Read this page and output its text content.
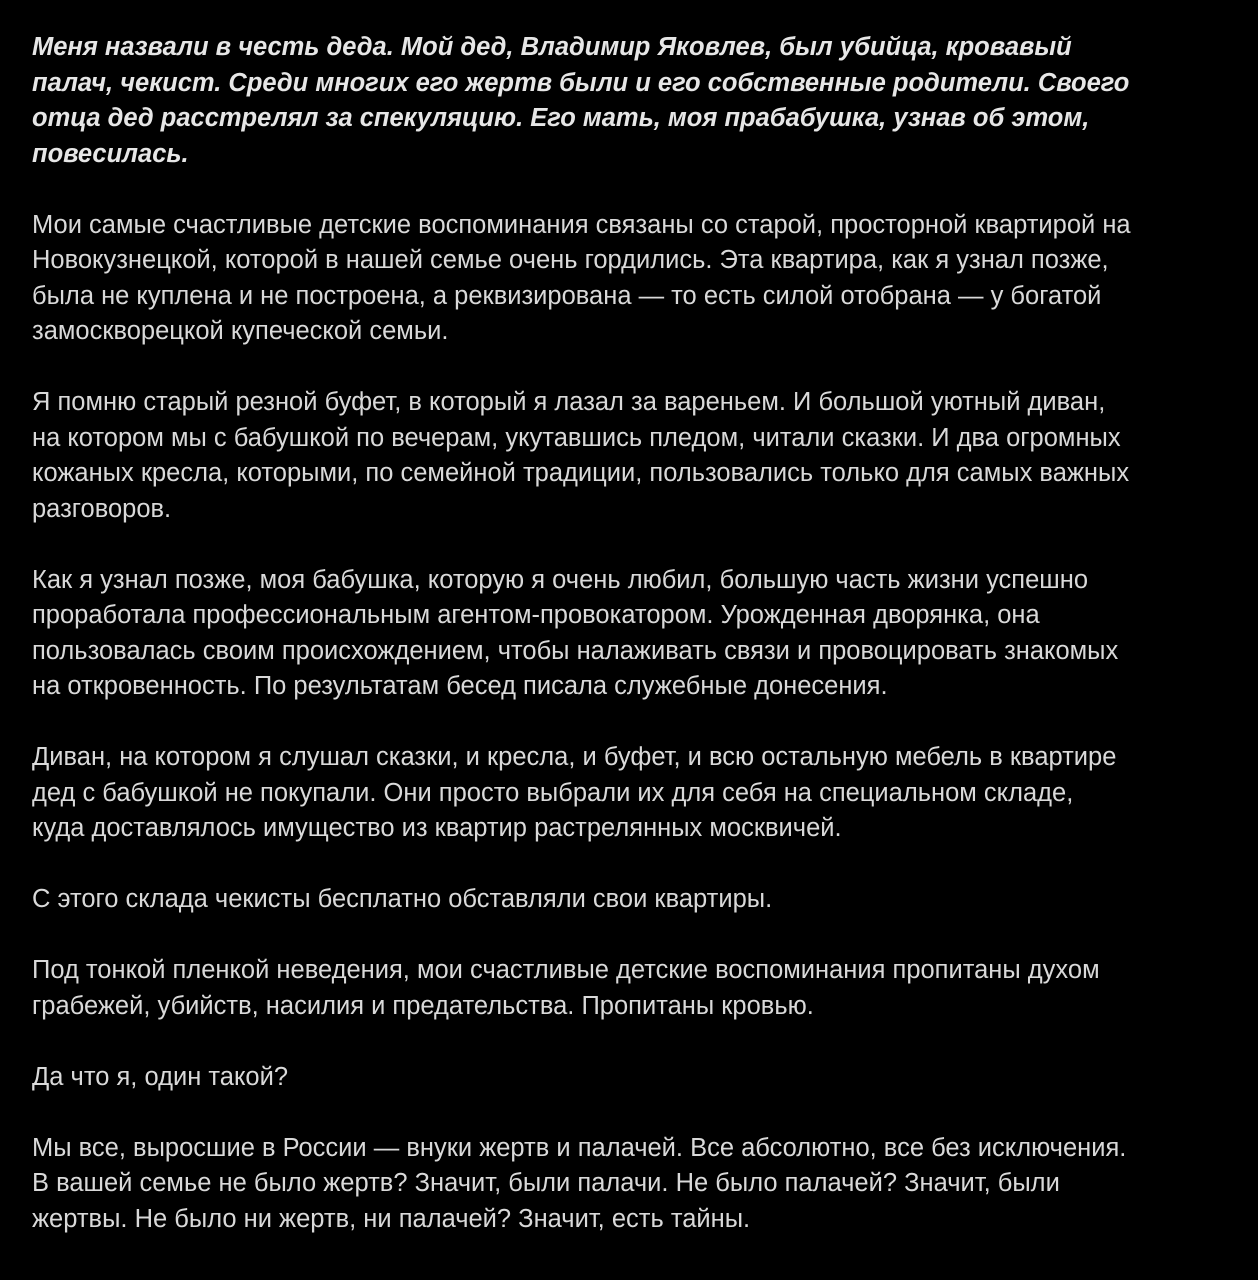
Меня назвали в честь деда. Мой дед, Владимир Яковлев, был убийца, кровавый
палач, чекист. Среди многих его жертв были и его собственные родители. Своего
отца дед расстрелял за спекуляцию. Его мать, моя прабабушка, узнав об этом,
повесилась.

Мои самые счастливые детские воспоминания связаны со старой, просторной квартирой на
Новокузнецкой, которой в нашей семье очень гордились. Эта квартира, как я узнал позже,
была не куплена и не построена, а реквизирована — то есть силой отобрана — у богатой
замоскворецкой купеческой семьи.

Я помню старый резной буфет, в который я лазал за вареньем. И большой уютный диван,
на котором мы с бабушкой по вечерам, укутавшись пледом, читали сказки. И два огромных
кожаных кресла, которыми, по семейной традиции, пользовались только для самых важных
разговоров.

Как я узнал позже, моя бабушка, которую я очень любил, большую часть жизни успешно
проработала профессиональным агентом-провокатором. Урожденная дворянка, она
пользовалась своим происхождением, чтобы налаживать связи и провоцировать знакомых
на откровенность. По результатам бесед писала служебные донесения.

Диван, на котором я слушал сказки, и кресла, и буфет, и всю остальную мебель в квартире
дед с бабушкой не покупали. Они просто выбрали их для себя на специальном складе,
куда доставлялось имущество из квартир растрелянных москвичей.

С этого склада чекисты бесплатно обставляли свои квартиры.

Под тонкой пленкой неведения, мои счастливые детские воспоминания пропитаны духом
грабежей, убийств, насилия и предательства. Пропитаны кровью.

Да что я, один такой?

Мы все, выросшие в России — внуки жертв и палачей. Все абсолютно, все без исключения.
В вашей семье не было жертв? Значит, были палачи. Не было палачей? Значит, были
жертвы. Не было ни жертв, ни палачей? Значит, есть тайны.
